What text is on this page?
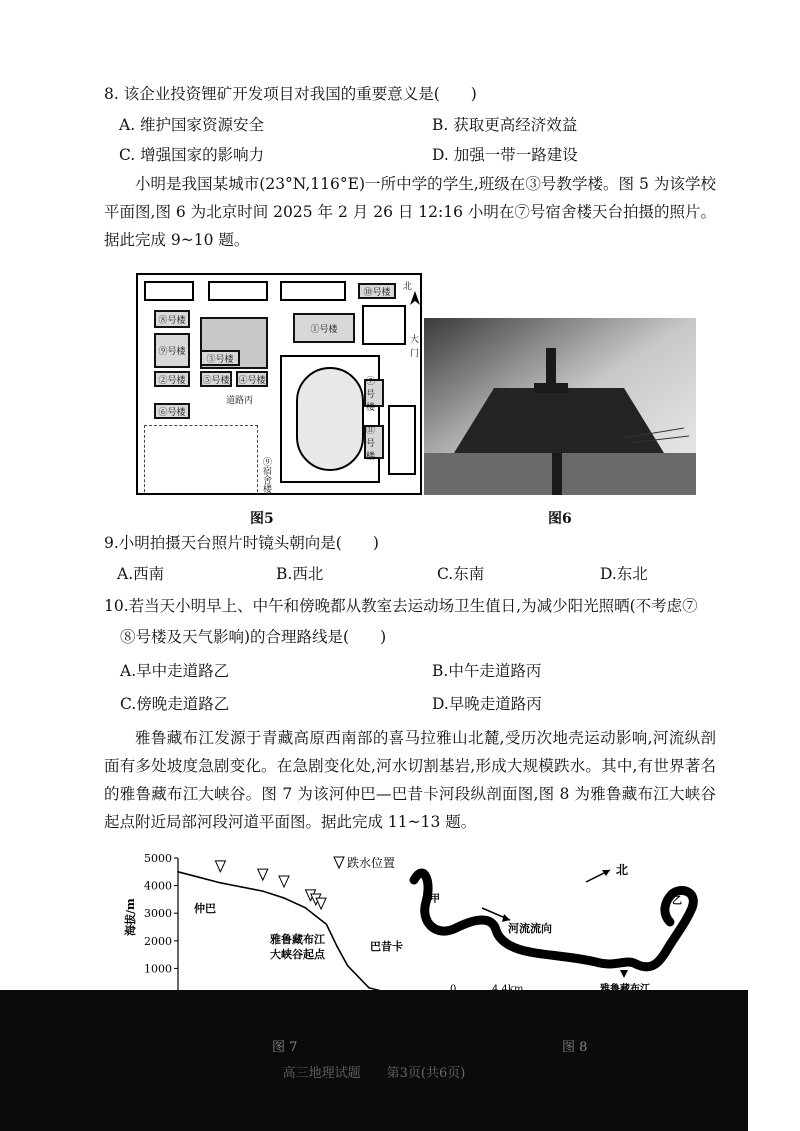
8. 该企业投资锂矿开发项目对我国的重要意义是(　　)
A. 维护国家资源安全	B. 获取更高经济效益
C. 增强国家的影响力	D. 加强一带一路建设
小明是我国某城市(23°N,116°E)一所中学的学生,班级在③号教学楼。图 5 为该学校平面图,图 6 为北京时间 2025 年 2 月 26 日 12:16 小明在⑦号宿舍楼天台拍摄的照片。据此完成 9~10 题。
⑩号楼
北
⑧号楼
⑨号楼
①号楼
大
门
③号楼
②号楼 ⑤号楼 ④号楼	⑦号楼
⑪号楼
⑥号楼
道路丙
⑨宿舍楼
图5	图6
9.小明拍摄天台照片时镜头朝向是(　　)
A.西南	B.西北	C.东南	D.东北
10.若当天小明早上、中午和傍晚都从教室去运动场卫生值日,为减少阳光照晒(不考虑⑦
⑧号楼及天气影响)的合理路线是(　　)
A.早中走道路乙	B.中午走道路丙
C.傍晚走道路乙	D.早晚走道路丙
雅鲁藏布江发源于青藏高原西南部的喜马拉雅山北麓,受历次地壳运动影响,河流纵剖面有多处坡度急剧变化。在急剧变化处,河水切割基岩,形成大规模跌水。其中,有世界著名的雅鲁藏布江大峡谷。图 7 为该河仲巴—巴昔卡河段纵剖面图,图 8 为雅鲁藏布江大峡谷起点附近局部河段河道平面图。据此完成 11~13 题。
5000
4000
3000
2000
1000
海拔/m
跌水位置
仲巴
雅鲁藏布江
大峡谷起点
巴昔卡
甲	乙
河流流向
北
图 7	图 8
高三地理试题　　第3页(共6页)
